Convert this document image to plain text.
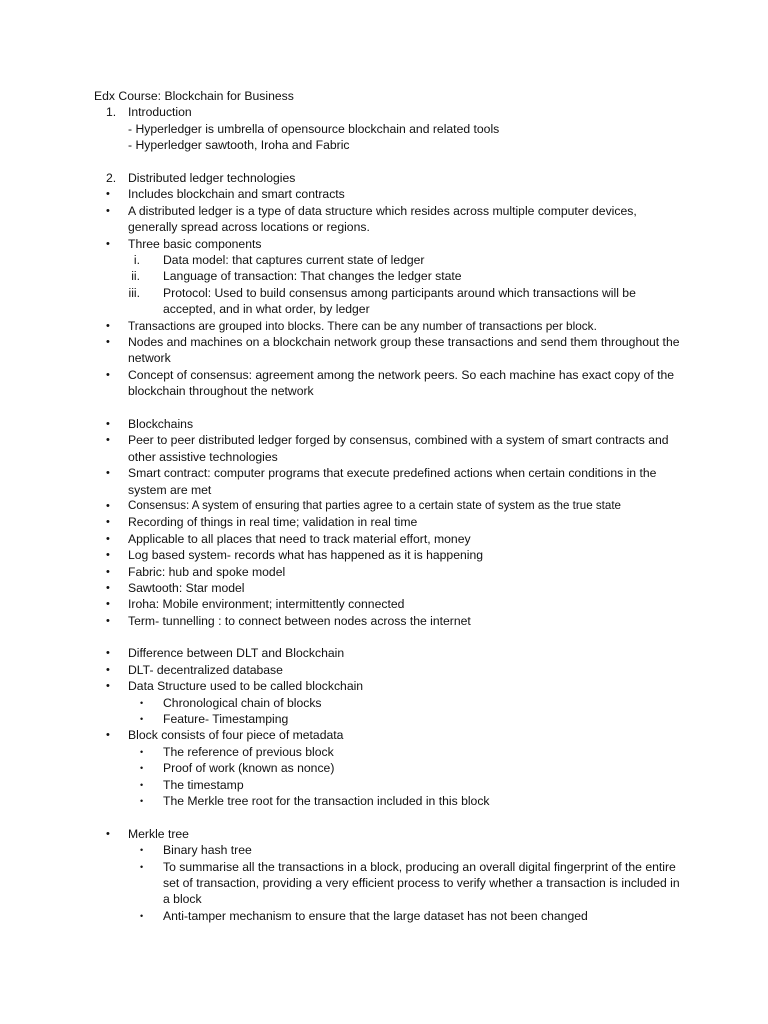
Edx Course: Blockchain for Business
1. Introduction
- Hyperledger is umbrella of opensource blockchain and related tools
- Hyperledger sawtooth, Iroha and Fabric
2. Distributed ledger technologies
• Includes blockchain and smart contracts
• A distributed ledger is a type of data structure which resides across multiple computer devices, generally spread across locations or regions.
• Three basic components
i. Data model: that captures current state of ledger
ii. Language of transaction: That changes the ledger state
iii. Protocol: Used to build consensus among participants around which transactions will be accepted, and in what order, by ledger
• Transactions are grouped into blocks. There can be any number of transactions per block.
• Nodes and machines on a blockchain network group these transactions and send them throughout the network
• Concept of consensus: agreement among the network peers. So each machine has exact copy of the blockchain throughout the network
• Blockchains
• Peer to peer distributed ledger forged by consensus, combined with a system of smart contracts and other assistive technologies
• Smart contract: computer programs that execute predefined actions when certain conditions in the system are met
• Consensus: A system of ensuring that parties agree to a certain state of system as the true state
• Recording of things in real time; validation in real time
• Applicable to all places that need to track material effort, money
• Log based system- records what has happened as it is happening
• Fabric: hub and spoke model
• Sawtooth: Star model
• Iroha: Mobile environment; intermittently connected
• Term- tunnelling : to connect between nodes across the internet
• Difference between DLT and Blockchain
• DLT- decentralized database
• Data Structure used to be called blockchain
• Chronological chain of blocks
• Feature- Timestamping
• Block consists of four piece of metadata
• The reference of previous block
• Proof of work (known as nonce)
• The timestamp
• The Merkle tree root for the transaction included in this block
• Merkle tree
• Binary hash tree
• To summarise all the transactions in a block, producing an overall digital fingerprint of the entire set of transaction, providing a very efficient process to verify whether a transaction is included in a block
• Anti-tamper mechanism to ensure that the large dataset has not been changed
